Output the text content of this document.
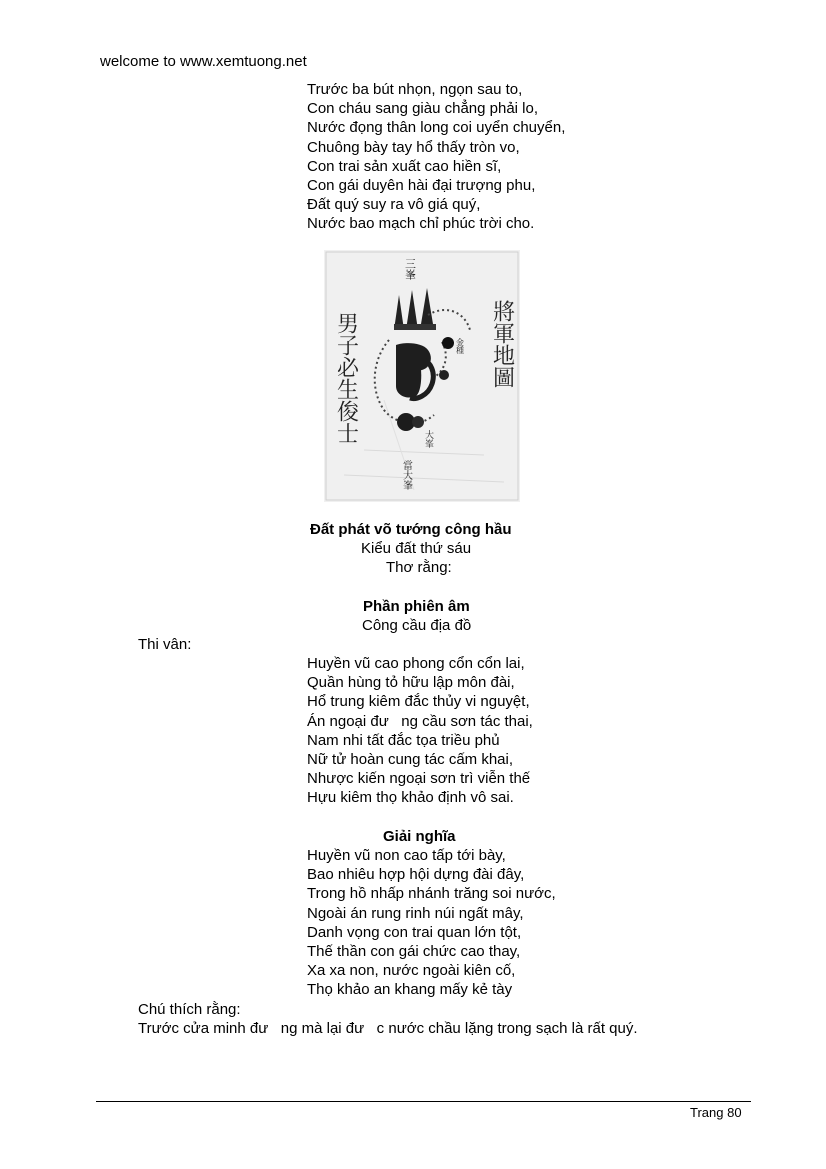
welcome to www.xemtuong.net
Trước ba bút nhọn, ngọn sau to,
Con cháu sang giàu chẳng phải lo,
Nước đọng thân long coi uyển chuyển,
Chuông bày tay hổ thấy tròn vo,
Con trai sản xuất cao hiền sĩ,
Con gái duyên hài đại trượng phu,
Đất quý suy ra vô giá quý,
Nước bao mạch chỉ phúc trời cho.
男子必生俊士	將軍地圖
三峯
金種
大峯
當大峯
Đất phát võ tướng công hầu
Kiểu đất thứ sáu
Thơ rằng:
Phần phiên âm
Công cầu địa đồ
Thi vân:
Huyền vũ cao phong cổn cổn lai,
Quần hùng tỏ hữu lập môn đài,
Hổ trung kiêm đắc thủy vi nguyệt,
Án ngoại đư   ng cầu sơn tác thai,
Nam nhi tất đắc tọa triều phủ
Nữ tử hoàn cung tác cấm khai,
Nhược kiến ngoại sơn trì viễn thế
Hựu kiêm thọ khảo định vô sai.
Giải nghĩa
Huyền vũ non cao tấp tới bày,
Bao nhiêu hợp hội dựng đài đây,
Trong hồ nhấp nhánh trăng soi nước,
Ngoài án rung rinh núi ngất mây,
Danh vọng con trai quan lớn tột,
Thế thần con gái chức cao thay,
Xa xa non, nước ngoài kiên cố,
Thọ khảo an khang mấy kẻ tày
Chú thích rằng:
Trước cửa minh đư   ng mà lại đư   c nước chầu lặng trong sạch là rất quý.
Trang 80
